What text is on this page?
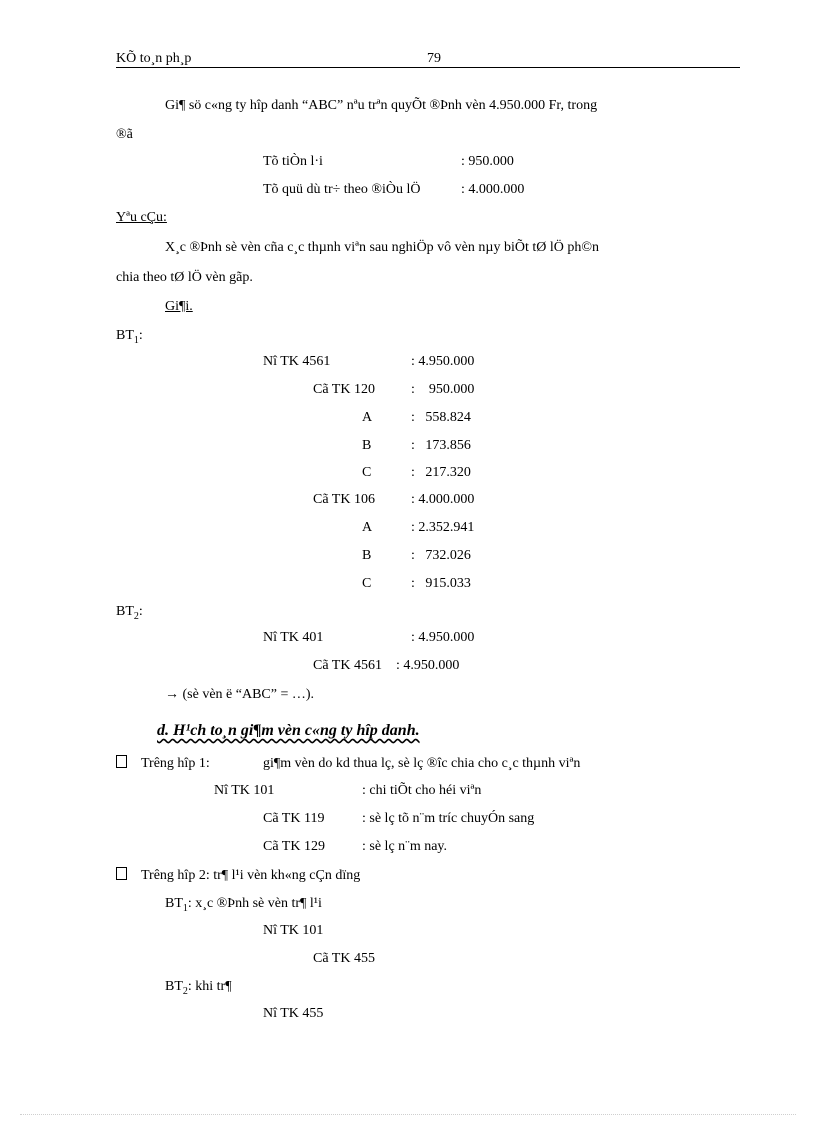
KÕ to¸n ph¸p	79
Gi¶ sö c«ng ty hîp danh “ABC” nªu trªn quyÕt ®Þnh vèn 4.950.000 Fr, trong
®ã
Tõ tiÒn l·i	: 950.000
Tõ quü dù tr÷ theo ®iÒu lÖ	: 4.000.000
Yªu cÇu:
X¸c ®Þnh sè vèn cña c¸c thµnh viªn sau nghiÖp vô vèn nµy biÕt tØ lÖ ph©n
chia theo tØ lÖ vèn gãp.
Gi¶i.
$BT_1$:
Nî TK 4561	: 4.950.000
Cã TK 120	:    950.000
A	:   558.824
B	:   173.856
C	:   217.320
Cã TK 106	: 4.000.000
A	: 2.352.941
B	:   732.026
C	:   915.033
$BT_2$:
Nî TK 401	: 4.950.000
Cã TK 4561 : 4.950.000
→ (sè vèn ë “ABC” = …).
d. H¹ch to¸n gi¶m vèn c«ng ty hîp danh.
Trêng hîp 1:	gi¶m vèn do kd thua lç, sè lç ®îc chia cho c¸c thµnh viªn
Nî TK 101	: chi tiÕt cho héi viªn
Cã TK 119	: sè lç tõ n¨m tríc chuyÓn sang
Cã TK 129	: sè lç n¨m nay.
Trêng hîp 2: tr¶ l¹i vèn kh«ng cÇn dïng
$BT_1$: x¸c ®Þnh sè vèn tr¶ l¹i
Nî TK 101
Cã TK 455
$BT_2$: khi tr¶
Nî TK 455
